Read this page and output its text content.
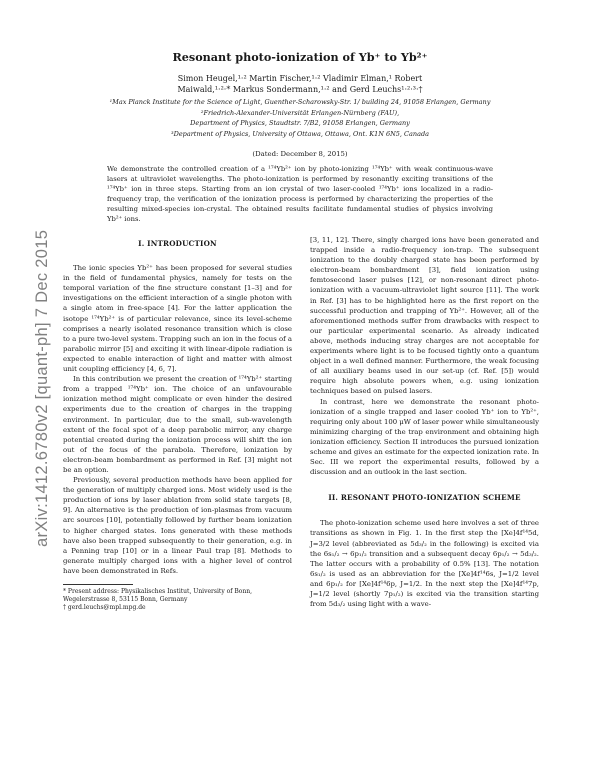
arXiv:1412.6780v2 [quant-ph] 7 Dec 2015
Resonant photo-ionization of Yb⁺ to Yb²⁺
Simon Heugel,¹·² Martin Fischer,¹·² Vladimir Elman,¹ Robert
Maiwald,¹·²·* Markus Sondermann,¹·² and Gerd Leuchs¹·²·³·†
¹Max Planck Institute for the Science of Light, Guenther-Scharowsky-Str. 1/ building 24, 91058 Erlangen, Germany
²Friedrich-Alexander-Universität Erlangen-Nürnberg (FAU),
Department of Physics, Staudtstr. 7/B2, 91058 Erlangen, Germany
³Department of Physics, University of Ottawa, Ottawa, Ont. K1N 6N5, Canada
(Dated: December 8, 2015)
We demonstrate the controlled creation of a ¹⁷⁴Yb²⁺ ion by photo-ionizing ¹⁷⁴Yb⁺ with weak continuous-wave lasers at ultraviolet wavelengths. The photo-ionization is performed by resonantly exciting transitions of the ¹⁷⁴Yb⁺ ion in three steps. Starting from an ion crystal of two laser-cooled ¹⁷⁴Yb⁺ ions localized in a radio-frequency trap, the verification of the ionization process is performed by characterizing the properties of the resulting mixed-species ion-crystal. The obtained results facilitate fundamental studies of physics involving Yb²⁺ ions.
I. INTRODUCTION

The ionic species Yb²⁺ has been proposed for several studies in the field of fundamental physics, namely for tests on the temporal variation of the fine structure constant [1–3] and for investigations on the efficient interaction of a single photon with a single atom in free-space [4]. For the latter application the isotope ¹⁷⁴Yb²⁺ is of particular relevance, since its level-scheme comprises a nearly isolated resonance transition which is close to a pure two-level system. Trapping such an ion in the focus of a parabolic mirror [5] and exciting it with linear-dipole radiation is expected to enable interaction of light and matter with almost unit coupling efficiency [4, 6, 7].

In this contribution we present the creation of ¹⁷⁴Yb²⁺ starting from a trapped ¹⁷⁴Yb⁺ ion. The choice of an unfavourable ionization method might complicate or even hinder the desired experiments due to the creation of charges in the trapping environment. In particular, due to the small, sub-wavelength extent of the focal spot of a deep parabolic mirror, any charge potential created during the ionization process will shift the ion out of the focus of the parabola. Therefore, ionization by electron-beam bombardment as performed in Ref. [3] might not be an option.

Previously, several production methods have been applied for the generation of multiply charged ions. Most widely used is the production of ions by laser ablation from solid state targets [8, 9]. An alternative is the production of ion-plasmas from vacuum arc sources [10], potentially followed by further beam ionization to higher charged states. Ions generated with these methods have also been trapped subsequently to their generation, e.g. in a Penning trap [10] or in a linear Paul trap [8]. Methods to generate multiply charged ions with a higher level of control have been demonstrated in Refs.

* Present address: Physikalisches Institut, University of Bonn, Wegelerstrasse 8, 53115 Bonn, Germany

† gerd.leuchs@mpl.mpg.de

[3, 11, 12]. There, singly charged ions have been generated and trapped inside a radio-frequency ion-trap. The subsequent ionization to the doubly charged state has been performed by electron-beam bombardment [3], field ionization using femtosecond laser pulses [12], or non-resonant direct photo-ionization with a vacuum-ultraviolet light source [11]. The work in Ref. [3] has to be highlighted here as the first report on the successful production and trapping of Yb²⁺. However, all of the aforementioned methods suffer from drawbacks with respect to our particular experimental scenario. As already indicated above, methods inducing stray charges are not acceptable for experiments where light is to be focused tightly onto a quantum object in a well defined manner. Furthermore, the weak focusing of all auxiliary beams used in our set-up (cf. Ref. [5]) would require high absolute powers when, e.g. using ionization techniques based on pulsed lasers.

In contrast, here we demonstrate the resonant photo-ionization of a single trapped and laser cooled Yb⁺ ion to Yb²⁺, requiring only about 100 μW of laser power while simultaneously minimizing charging of the trap environment and obtaining high ionization efficiency. Section II introduces the pursued ionization scheme and gives an estimate for the expected ionization rate. In Sec. III we report the experimental results, followed by a discussion and an outlook in the last section.

II. RESONANT PHOTO-IONIZATION SCHEME

The photo-ionization scheme used here involves a set of three transitions as shown in Fig. 1. In the first step the [Xe]4f¹⁴5d, J=3/2 level (abbreviated as 5d₃/₂ in the following) is excited via the 6s₁/₂ → 6p₁/₂ transition and a subsequent decay 6p₁/₂ → 5d₃/₂. The latter occurs with a probability of 0.5% [13]. The notation 6s₁/₂ is used as an abbreviation for the [Xe]4f¹⁴6s, J=1/2 level and 6p₁/₂ for [Xe]4f¹⁴6p, J=1/2. In the next step the [Xe]4f¹⁴7p, J=1/2 level (shortly 7p₁/₂) is excited via the transition starting from 5d₃/₂ using light with a wave-
